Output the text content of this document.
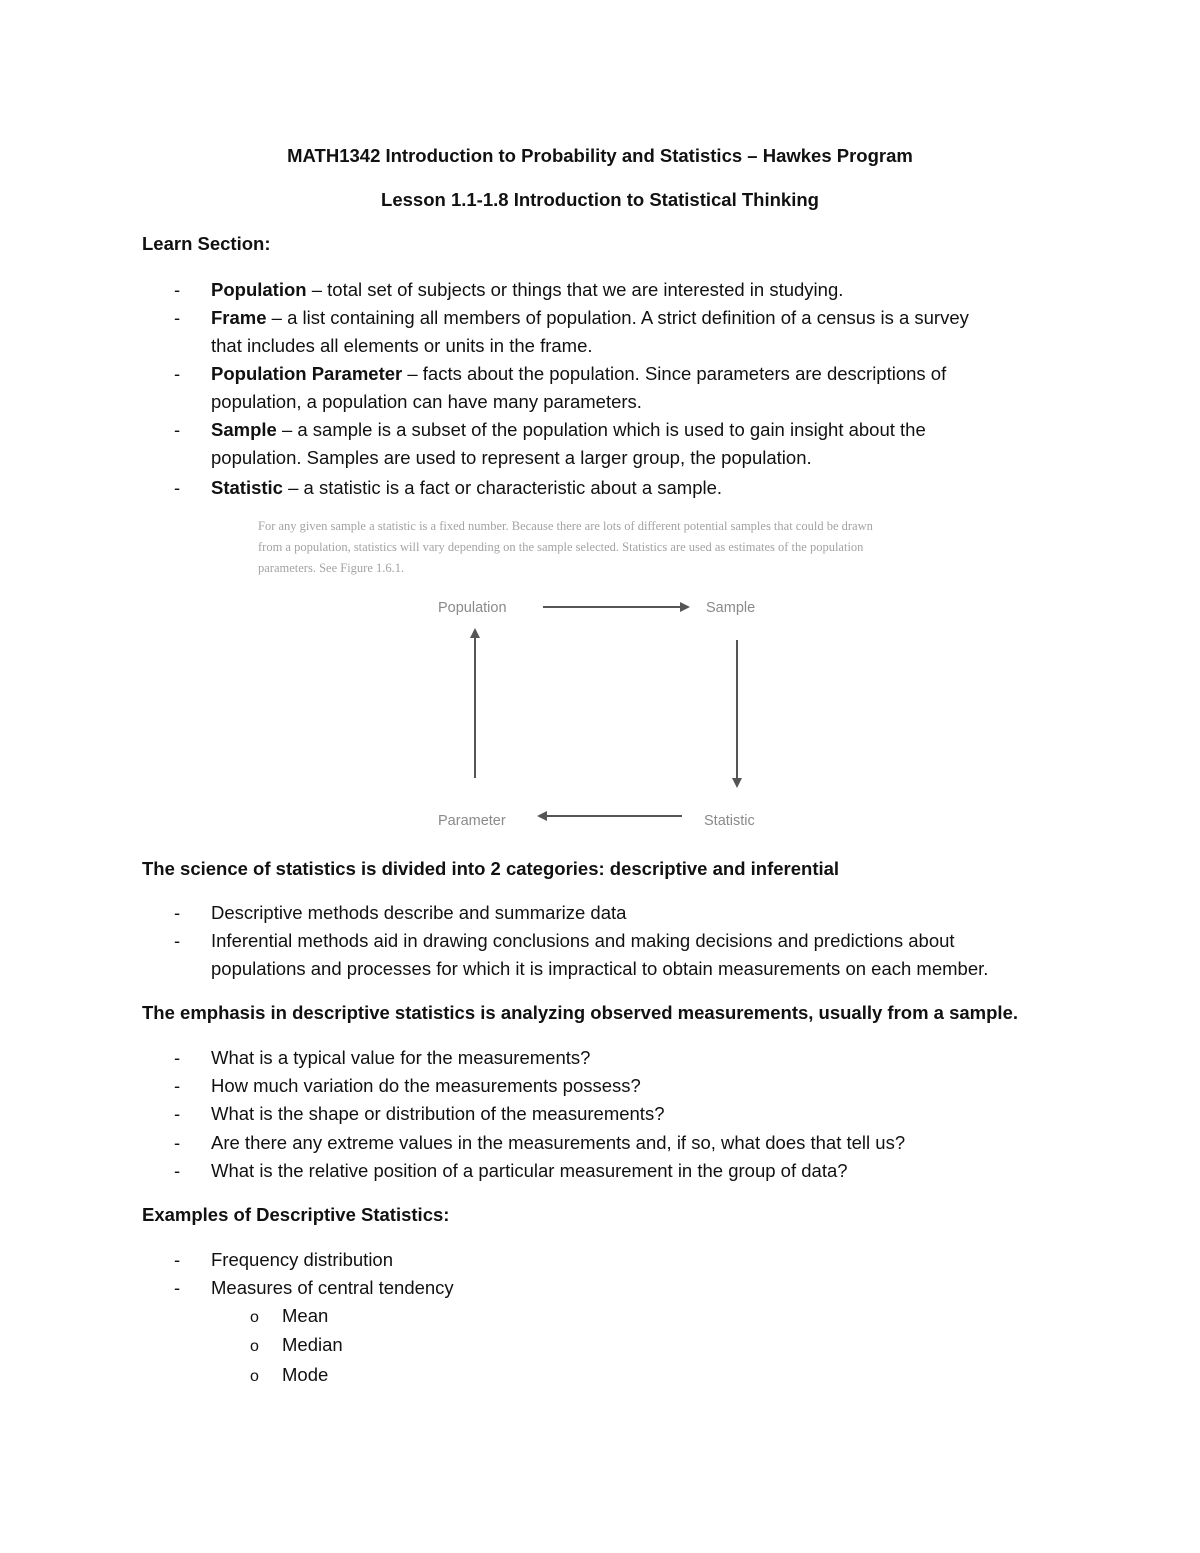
MATH1342 Introduction to Probability and Statistics – Hawkes Program
Lesson 1.1-1.8 Introduction to Statistical Thinking
Learn Section:
-	Population – total set of subjects or things that we are interested in studying.
-	Frame – a list containing all members of population. A strict definition of a census is a survey
that includes all elements or units in the frame.
-	Population Parameter – facts about the population. Since parameters are descriptions of
population, a population can have many parameters.
-	Sample – a sample is a subset of the population which is used to gain insight about the
population. Samples are used to represent a larger group, the population.
-	Statistic – a statistic is a fact or characteristic about a sample.
For any given sample a statistic is a fixed number. Because there are lots of different potential samples that could be drawn
from a population, statistics will vary depending on the sample selected. Statistics are used as estimates of the population
parameters. See Figure 1.6.1.
Population	Sample
Statistic
Parameter
The science of statistics is divided into 2 categories: descriptive and inferential
-	Descriptive methods describe and summarize data
-	Inferential methods aid in drawing conclusions and making decisions and predictions about
populations and processes for which it is impractical to obtain measurements on each member.
The emphasis in descriptive statistics is analyzing observed measurements, usually from a sample.
-	What is a typical value for the measurements?
-	How much variation do the measurements possess?
-	What is the shape or distribution of the measurements?
-	Are there any extreme values in the measurements and, if so, what does that tell us?
-	What is the relative position of a particular measurement in the group of data?
Examples of Descriptive Statistics:
-	Frequency distribution
-	Measures of central tendency
o Mean
o Median
o Mode
